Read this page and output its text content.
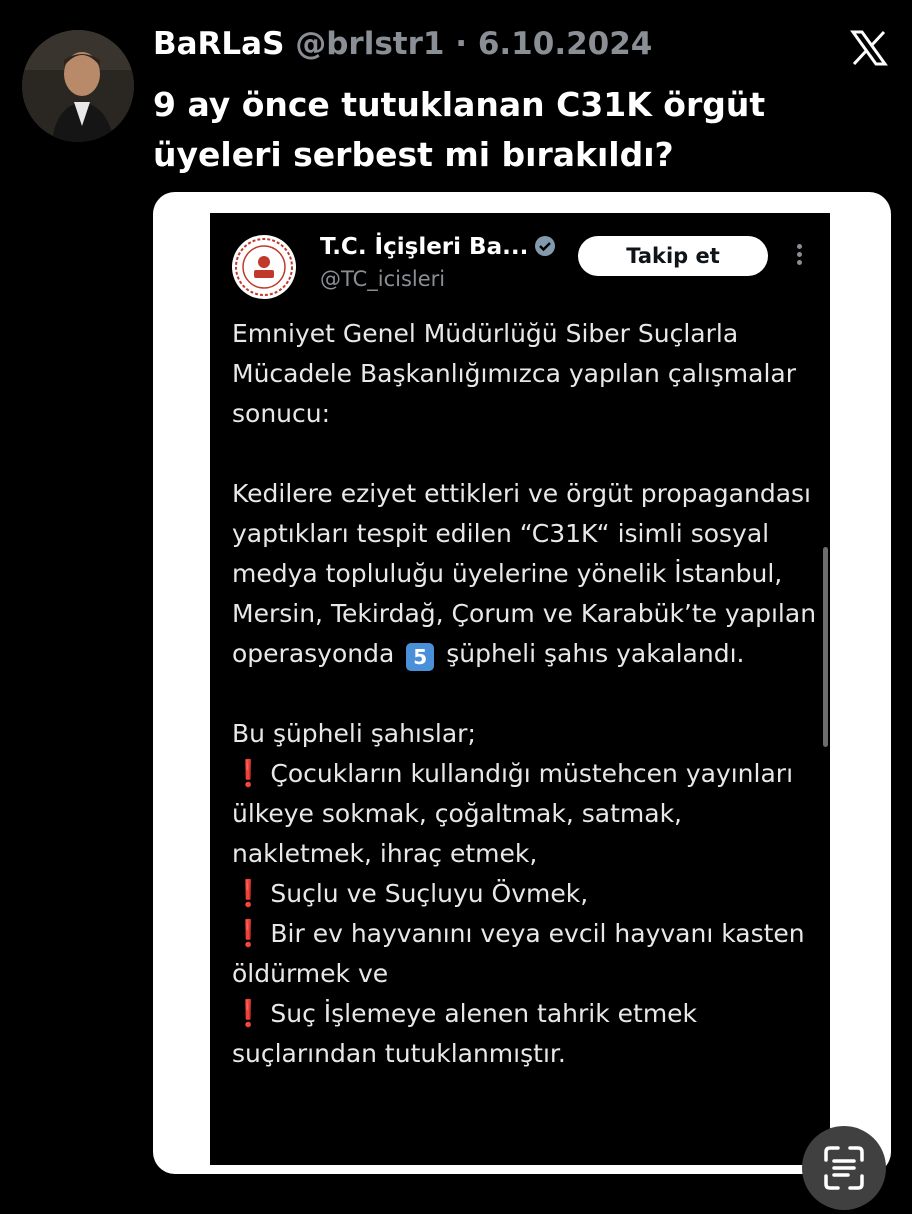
BaRLaS @brlstr1 · 6.10.2024
9 ay önce tutuklanan C31K örgüt üyeleri serbest mi bırakıldı?
T.C. İçişleri Ba...
@TC_icisleri
Takip et

Emniyet Genel Müdürlüğü Siber Suçlarla Mücadele Başkanlığımızca yapılan çalışmalar sonucu:

Kedilere eziyet ettikleri ve örgüt propagandası yaptıkları tespit edilen “C31K“ isimli sosyal medya topluluğu üyelerine yönelik İstanbul, Mersin, Tekirdağ, Çorum ve Karabük’te yapılan operasyonda 5 şüpheli şahıs yakalandı.

Bu şüpheli şahıslar;

❗ Çocukların kullandığı müstehcen yayınları ülkeye sokmak, çoğaltmak, satmak, nakletmek, ihraç etmek,

❗ Suçlu ve Suçluyu Övmek,

❗ Bir ev hayvanını veya evcil hayvanı kasten öldürmek ve

❗ Suç İşlemeye alenen tahrik etmek

suçlarından tutuklanmıştır.
